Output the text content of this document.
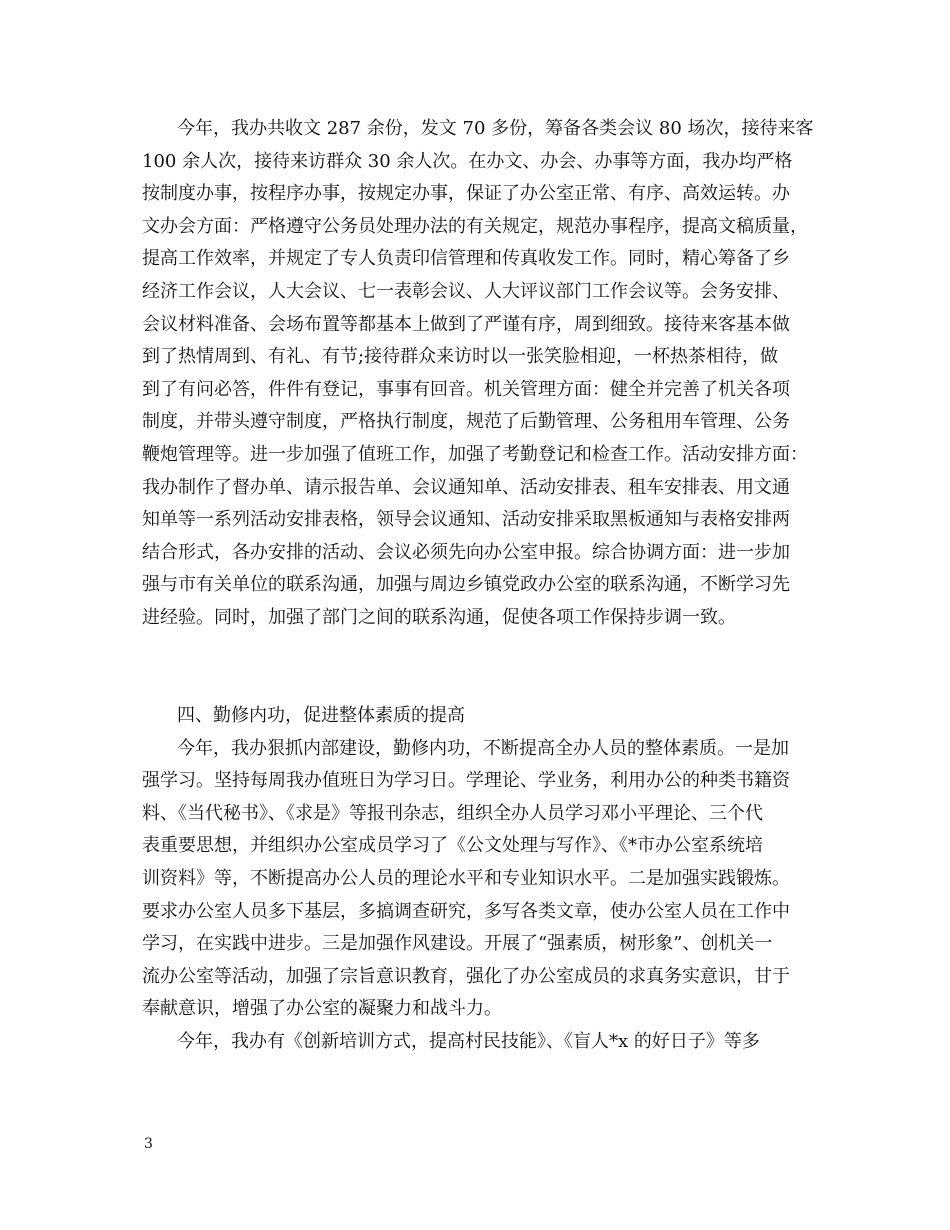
今年，我办共收文 287 余份，发文 70 多份，筹备各类会议 80 场次，接待来客
100 余人次，接待来访群众 30 余人次。在办文、办会、办事等方面，我办均严格
按制度办事，按程序办事，按规定办事，保证了办公室正常、有序、高效运转。办
文办会方面：严格遵守公务员处理办法的有关规定，规范办事程序，提高文稿质量，
提高工作效率，并规定了专人负责印信管理和传真收发工作。同时，精心筹备了乡
经济工作会议，人大会议、七一表彰会议、人大评议部门工作会议等。会务安排、
会议材料准备、会场布置等都基本上做到了严谨有序，周到细致。接待来客基本做
到了热情周到、有礼、有节;接待群众来访时以一张笑脸相迎，一杯热茶相待，做
到了有问必答，件件有登记，事事有回音。机关管理方面：健全并完善了机关各项
制度，并带头遵守制度，严格执行制度，规范了后勤管理、公务租用车管理、公务
鞭炮管理等。进一步加强了值班工作，加强了考勤登记和检查工作。活动安排方面：
我办制作了督办单、请示报告单、会议通知单、活动安排表、租车安排表、用文通
知单等一系列活动安排表格，领导会议通知、活动安排采取黑板通知与表格安排两
结合形式，各办安排的活动、会议必须先向办公室申报。综合协调方面：进一步加
强与市有关单位的联系沟通，加强与周边乡镇党政办公室的联系沟通，不断学习先
进经验。同时，加强了部门之间的联系沟通，促使各项工作保持步调一致。
四、勤修内功，促进整体素质的提高
今年，我办狠抓内部建设，勤修内功，不断提高全办人员的整体素质。一是加
强学习。坚持每周我办值班日为学习日。学理论、学业务，利用办公的种类书籍资
料、《当代秘书》、《求是》等报刊杂志，组织全办人员学习邓小平理论、三个代
表重要思想，并组织办公室成员学习了《公文处理与写作》、《*市办公室系统培
训资料》等，不断提高办公人员的理论水平和专业知识水平。二是加强实践锻炼。
要求办公室人员多下基层，多搞调查研究，多写各类文章，使办公室人员在工作中
学习，在实践中进步。三是加强作风建设。开展了“强素质，树形象”、创机关一
流办公室等活动，加强了宗旨意识教育，强化了办公室成员的求真务实意识，甘于
奉献意识，增强了办公室的凝聚力和战斗力。
今年，我办有《创新培训方式，提高村民技能》、《盲人*x 的好日子》等多
3
